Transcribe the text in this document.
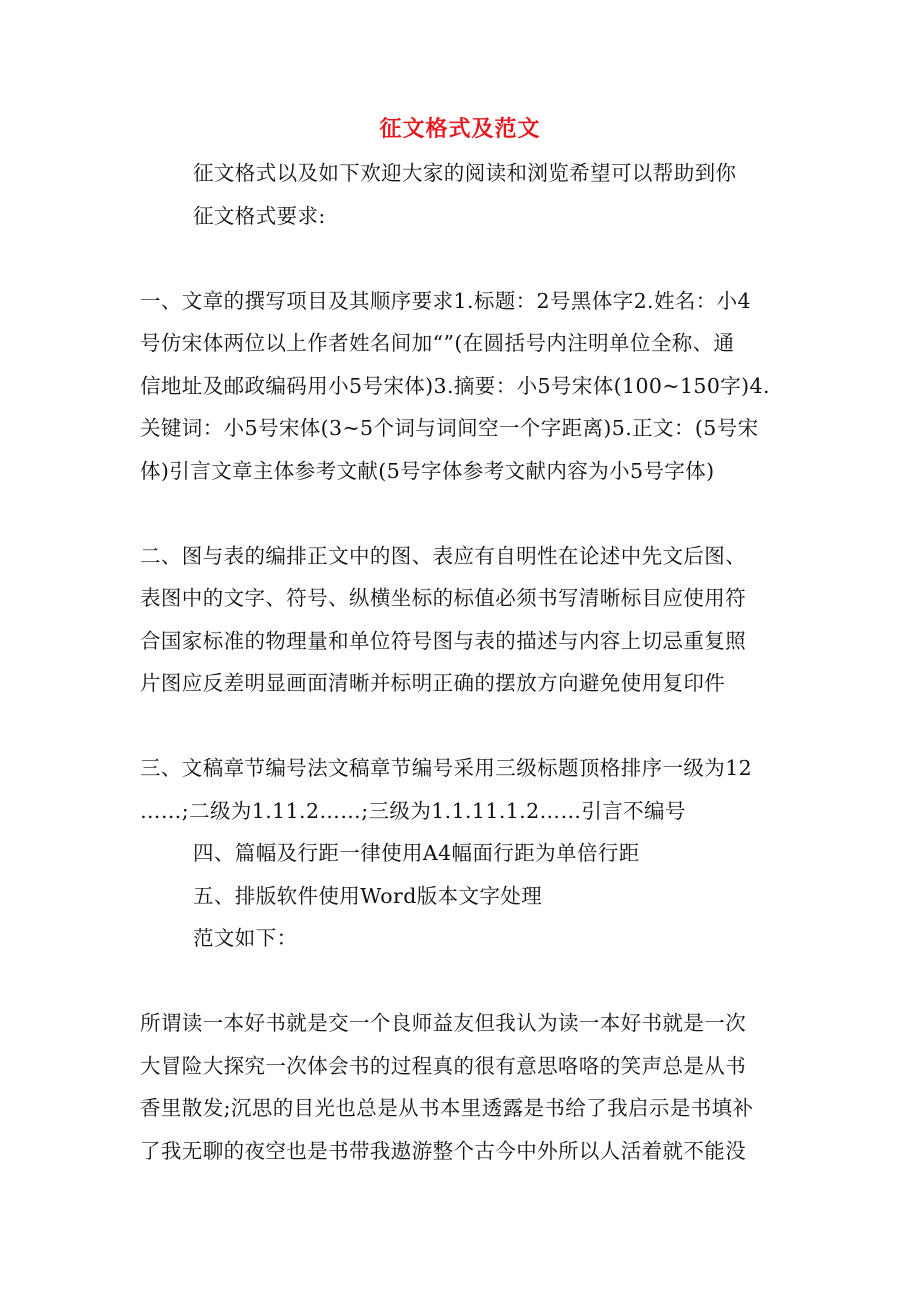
征文格式及范文
征文格式以及如下欢迎大家的阅读和浏览希望可以帮助到你
征文格式要求:
一、文章的撰写项目及其顺序要求1.标题：2号黑体字2.姓名：小4
号仿宋体两位以上作者姓名间加“”(在圆括号内注明单位全称、通
信地址及邮政编码用小5号宋体)3.摘要：小5号宋体(100~150字)4.
关键词：小5号宋体(3~5个词与词间空一个字距离)5.正文：(5号宋
体)引言文章主体参考文献(5号字体参考文献内容为小5号字体)
二、图与表的编排正文中的图、表应有自明性在论述中先文后图、
表图中的文字、符号、纵横坐标的标值必须书写清晰标目应使用符
合国家标准的物理量和单位符号图与表的描述与内容上切忌重复照
片图应反差明显画面清晰并标明正确的摆放方向避免使用复印件
三、文稿章节编号法文稿章节编号采用三级标题顶格排序一级为12
……;二级为1.11.2……;三级为1.1.11.1.2……引言不编号
四、篇幅及行距一律使用A4幅面行距为单倍行距
五、排版软件使用Word版本文字处理
范文如下：
所谓读一本好书就是交一个良师益友但我认为读一本好书就是一次
大冒险大探究一次体会书的过程真的很有意思咯咯的笑声总是从书
香里散发;沉思的目光也总是从书本里透露是书给了我启示是书填补
了我无聊的夜空也是书带我遨游整个古今中外所以人活着就不能没
